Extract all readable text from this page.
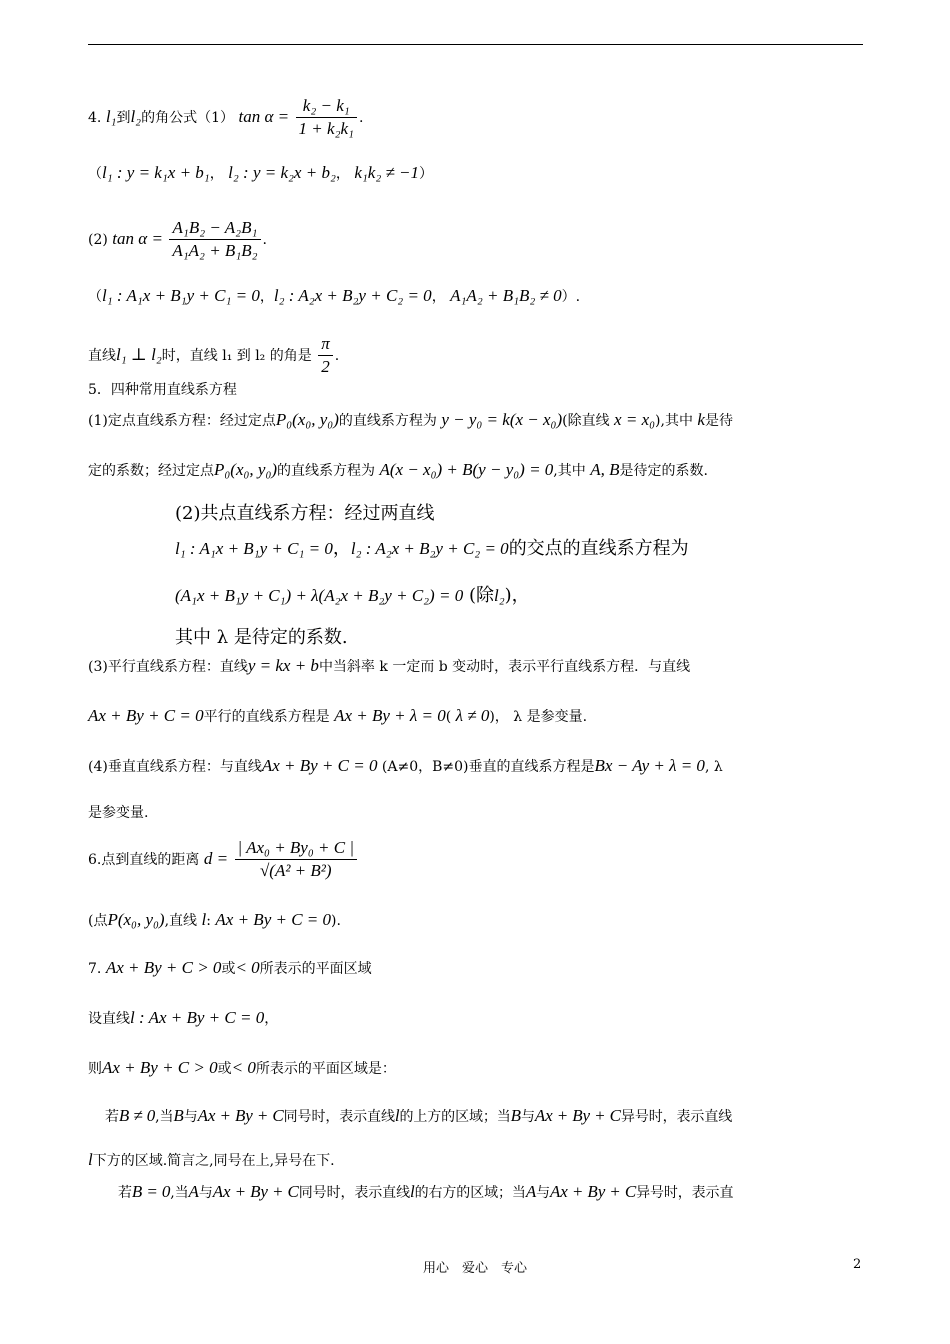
4. l₁到l₂的角公式（1） $\tan \alpha = \frac{\text{k₂ − k₁}}{\text{1 + k₂k₁}}$ .
（l₁ : y = k₁x + b₁， l₂ : y = k₂x + b₂， k₁k₂ ≠ −1）
(2) $\tan \alpha = \frac{\text{A₁B₂ − A₂B₁}}{\text{A₁A₂ + B₁B₂}}$ .
（l₁ : A₁x + B₁y + C₁ = 0，l₂ : A₂x + B₂y + C₂ = 0， A₁A₂ + B₁B₂ ≠ 0）.
直线l₁ ⊥ l₂时，直线 l₁ 到 l₂ 的角是 $\frac{\pi}{2}$ .
5．四种常用直线系方程
(1)定点直线系方程：经过定点P₀(x₀, y₀)的直线系方程为 y − y₀ = k(x − x₀)(除直线 x = x₀),其中 k是待
定的系数；经过定点P₀(x₀, y₀)的直线系方程为 A(x − x₀) + B(y − y₀) = 0,其中 A, B是待定的系数.
(2)共点直线系方程：经过两直线
l₁ : A₁x + B₁y + C₁ = 0，l₂ : A₂x + B₂y + C₂ = 0的交点的直线系方程为
(A₁x + B₁y + C₁) + λ(A₂x + B₂y + C₂) = 0 (除l₂)，
其中 λ 是待定的系数.
(3)平行直线系方程：直线y = kx + b中当斜率 k 一定而 b 变动时，表示平行直线系方程．与直线
Ax + By + C = 0平行的直线系方程是 Ax + By + λ = 0( λ ≠ 0)， λ 是参变量.
(4)垂直直线系方程：与直线Ax + By + C = 0 (A≠0，B≠0)垂直的直线系方程是Bx − Ay + λ = 0, λ
是参变量.
6.点到直线的距离 $d = \frac{\text{| Ax₀ + By₀ + C |}}{\text{√(A² + B²)}}$
(点P(x₀, y₀),直线 l: Ax + By + C = 0).
7. Ax + By + C > 0或< 0所表示的平面区域
设直线l : Ax + By + C = 0，
则Ax + By + C > 0或< 0所表示的平面区域是：
若B ≠ 0,当B与Ax + By + C同号时，表示直线l的上方的区域；当B与Ax + By + C异号时，表示直线
l下方的区域.简言之,同号在上,异号在下.
若B = 0,当A与Ax + By + C同号时，表示直线l的右方的区域；当A与Ax + By + C异号时，表示直
用心　爱心　专心	2
